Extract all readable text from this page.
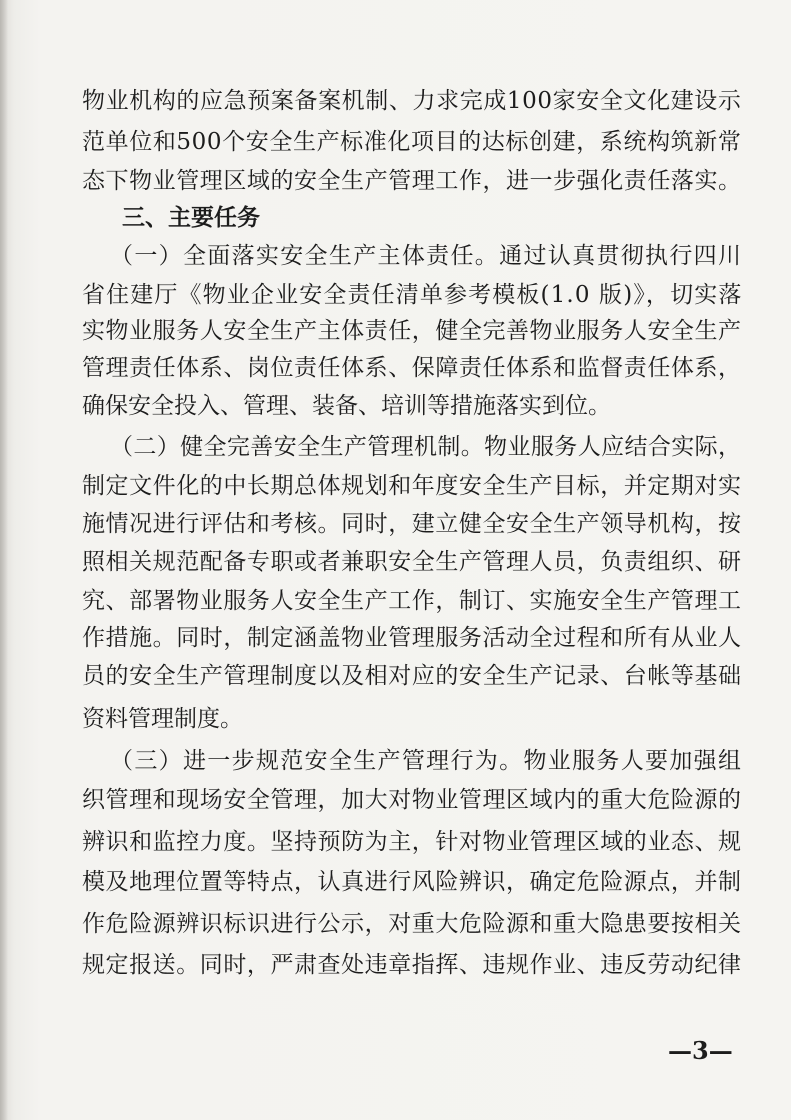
物业机构的应急预案备案机制、力求完成100家安全文化建设示
范单位和500个安全生产标准化项目的达标创建，系统构筑新常
态下物业管理区域的安全生产管理工作，进一步强化责任落实。
三、主要任务
（一）全面落实安全生产主体责任。通过认真贯彻执行四川
省住建厅《物业企业安全责任清单参考模板(1.0 版)》，切实落
实物业服务人安全生产主体责任，健全完善物业服务人安全生产
管理责任体系、岗位责任体系、保障责任体系和监督责任体系，
确保安全投入、管理、装备、培训等措施落实到位。
（二）健全完善安全生产管理机制。物业服务人应结合实际，
制定文件化的中长期总体规划和年度安全生产目标，并定期对实
施情况进行评估和考核。同时，建立健全安全生产领导机构，按
照相关规范配备专职或者兼职安全生产管理人员，负责组织、研
究、部署物业服务人安全生产工作，制订、实施安全生产管理工
作措施。同时，制定涵盖物业管理服务活动全过程和所有从业人
员的安全生产管理制度以及相对应的安全生产记录、台帐等基础
资料管理制度。
（三）进一步规范安全生产管理行为。物业服务人要加强组
织管理和现场安全管理，加大对物业管理区域内的重大危险源的
辨识和监控力度。坚持预防为主，针对物业管理区域的业态、规
模及地理位置等特点，认真进行风险辨识，确定危险源点，并制
作危险源辨识标识进行公示，对重大危险源和重大隐患要按相关
规定报送。同时，严肃查处违章指挥、违规作业、违反劳动纪律
—3—
